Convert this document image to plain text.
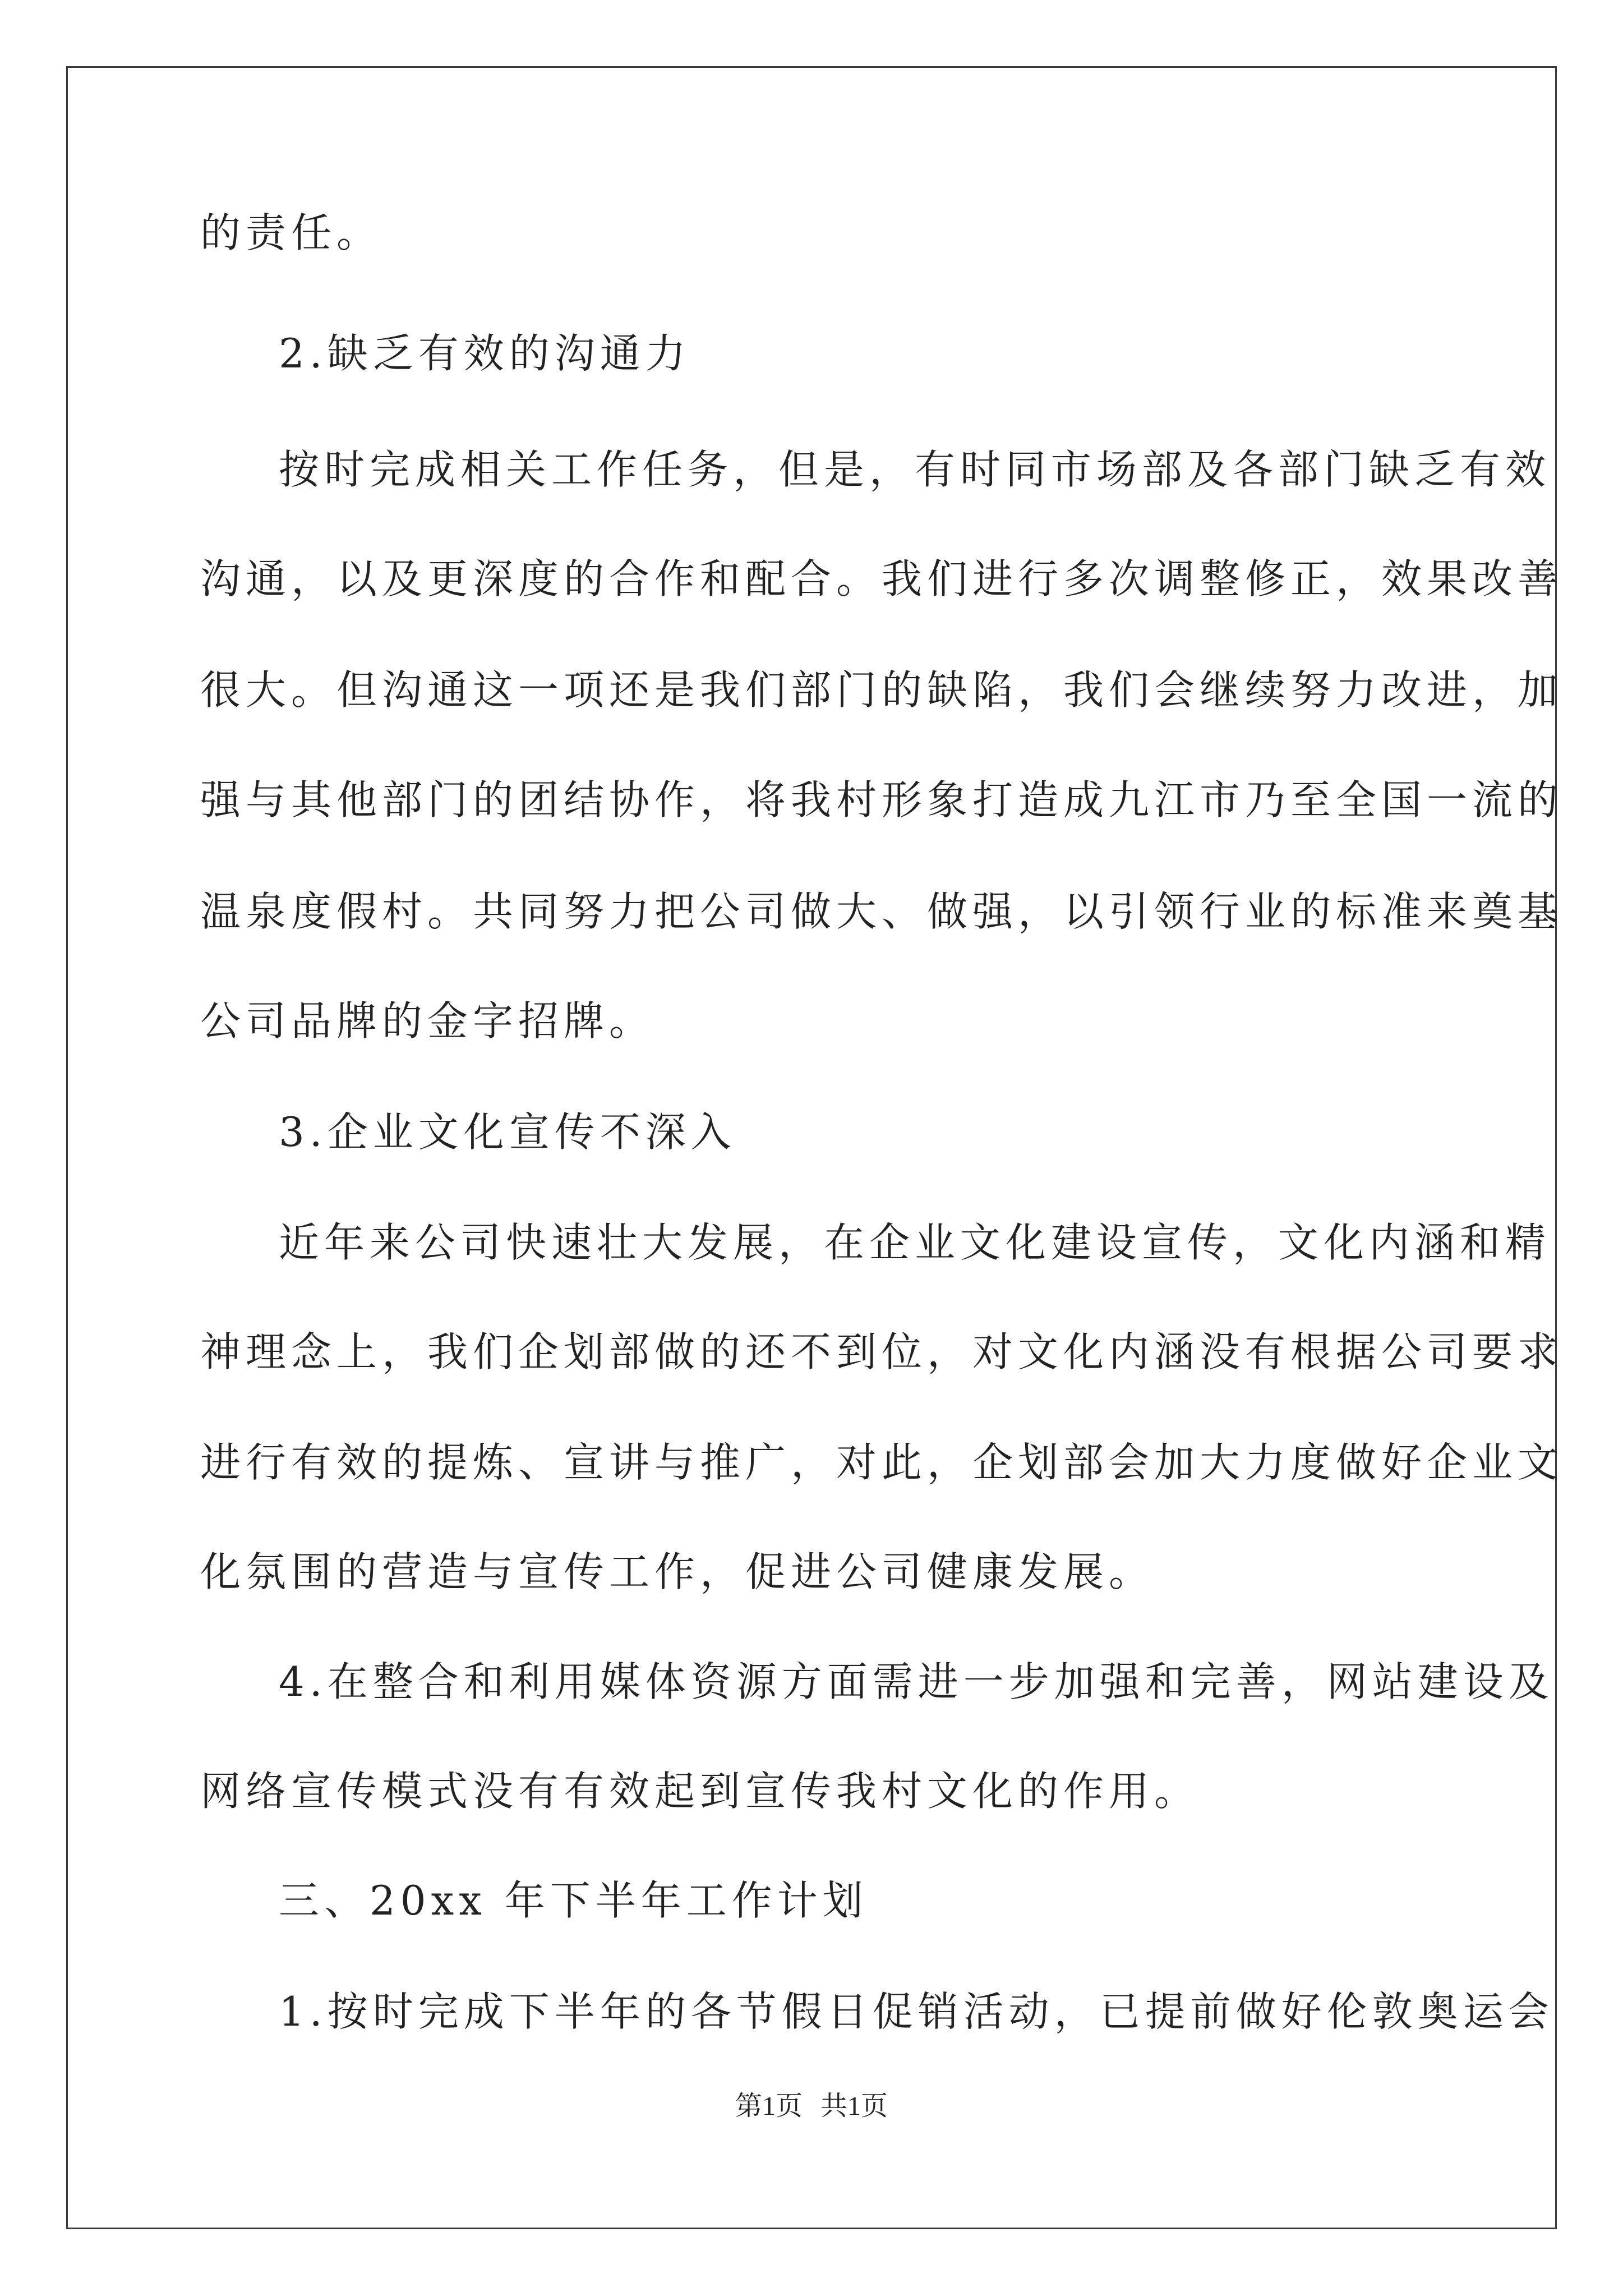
的责任。
2.缺乏有效的沟通力
按时完成相关工作任务，但是，有时同市场部及各部门缺乏有效
沟通，以及更深度的合作和配合。我们进行多次调整修正，效果改善
很大。但沟通这一项还是我们部门的缺陷，我们会继续努力改进，加
强与其他部门的团结协作，将我村形象打造成九江市乃至全国一流的
温泉度假村。共同努力把公司做大、做强，以引领行业的标准来奠基
公司品牌的金字招牌。
3.企业文化宣传不深入
近年来公司快速壮大发展，在企业文化建设宣传，文化内涵和精
神理念上，我们企划部做的还不到位，对文化内涵没有根据公司要求
进行有效的提炼、宣讲与推广，对此，企划部会加大力度做好企业文
化氛围的营造与宣传工作，促进公司健康发展。
4.在整合和利用媒体资源方面需进一步加强和完善，网站建设及
网络宣传模式没有有效起到宣传我村文化的作用。
三、20xx 年下半年工作计划
1.按时完成下半年的各节假日促销活动，已提前做好伦敦奥运会
第1页 共1页
